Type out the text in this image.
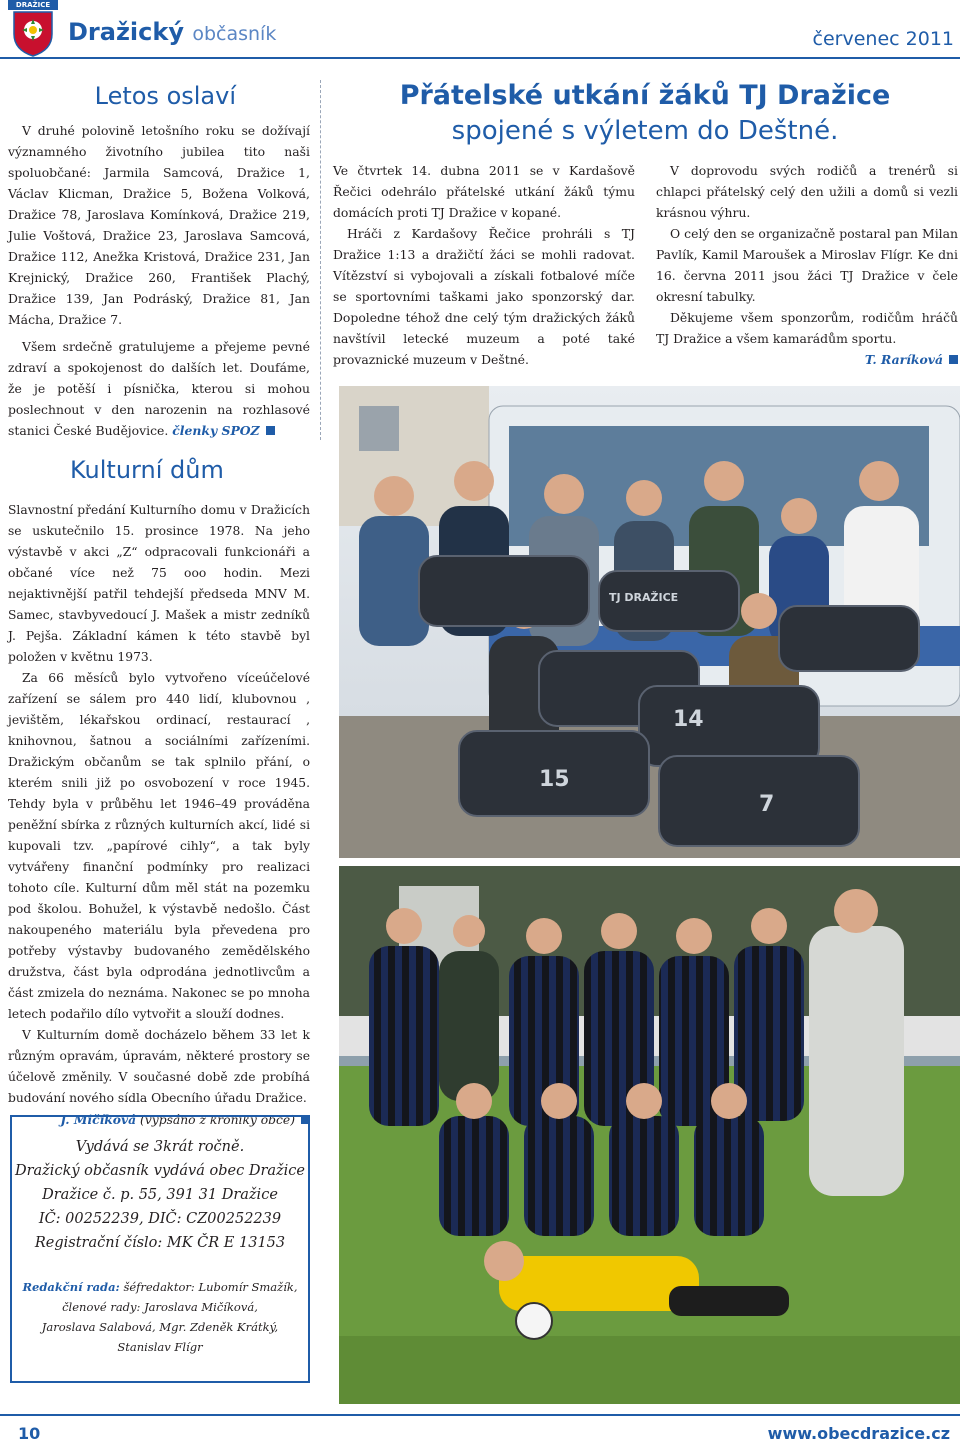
DRAŽICE
Dražický občasník	červenec 2011
Letos oslaví

V druhé polovině letošního roku se dožívají významného životního jubilea tito naši spoluobčané: Jarmila Samcová, Dražice 1, Václav Klicman, Dražice 5, Božena Volková, Dražice 78, Jaroslava Komínková, Dražice 219, Julie Voštová, Dražice 23, Jaroslava Samcová, Dražice 112, Anežka Kristová, Dražice 231, Jan Krejnický, Dražice 260, František Plachý, Dražice 139, Jan Podráský, Dražice 81, Jan Mácha, Dražice 7.

Všem srdečně gratulujeme a přejeme pevné zdraví a spokojenost do dalších let. Doufáme, že je potěší i písnička, kterou si mohou poslechnout v den narozenin na rozhlasové stanici České Budějovice. členky SPOZ

Kulturní dům

Slavnostní předání Kulturního domu v Dražicích se uskutečnilo 15. prosince 1978. Na jeho výstavbě v akci „Z“ odpracovali funkcionáři a občané více než 75 ooo hodin. Mezi nejaktivnější patřil tehdejší předseda MNV M. Samec, stavbyvedoucí J. Mašek a mistr zedníků J. Pejša. Základní kámen k této stavbě byl položen v květnu 1973.

Za 66 měsíců bylo vytvořeno víceúčelové zařízení se sálem pro 440 lidí, klubovnou , jevištěm, lékařskou ordinací, restaurací , knihovnou, šatnou a sociálními zařízeními. Dražickým občanům se tak splnilo přání, o kterém snili již po osvobození v roce 1945. Tehdy byla v průběhu let 1946–49 prováděna peněžní sbírka z různých kulturních akcí, lidé si kupovali tzv. „papírové cihly“, a tak byly vytvářeny finanční podmínky pro realizaci tohoto cíle. Kulturní dům měl stát na pozemku pod školou. Bohužel, k výstavbě nedošlo. Část nakoupeného materiálu byla převedena pro potřeby výstavby budovaného zemědělského družstva, část byla odprodána jednotlivcům a část zmizela do neznáma. Nakonec se po mnoha letech podařilo dílo vytvořit a slouží dodnes.

V Kulturním domě docházelo během 33 let k různým opravám, úpravám, některé prostory se účelově změnily. V současné době zde probíhá budování nového sídla Obecního úřadu Dražice.

J. Mičíková (vypsáno z kroniky obce)

Vydává se 3krát ročně.
Dražický občasník vydává obec Dražice
Dražice č. p. 55, 391 31 Dražice
IČ: 00252239, DIČ: CZ00252239
Registrační číslo: MK ČR E 13153
Redakční rada: šéfredaktor: Lubomír Smažík,
členové rady: Jaroslava Mičíková,
Jaroslava Salabová, Mgr. Zdeněk Krátký,
Stanislav Flígr
Přátelské utkání žáků TJ Dražice
spojené s výletem do Deštné.

Ve čtvrtek 14. dubna 2011 se v Kardašově Řečici odehrálo přátelské utkání žáků týmu domácích proti TJ Dražice v kopané.

Hráči z Kardašovy Řečice prohráli s TJ Dražice 1:13 a dražičtí žáci se mohli radovat. Vítězství si vybojovali a získali fotbalové míče se sportovními taškami jako sponzorský dar. Dopoledne téhož dne celý tým dražických žáků navštívil letecké muzeum a poté také provaznické muzeum v Deštné.

V doprovodu svých rodičů a trenérů si chlapci přátelský celý den užili a domů si vezli krásnou výhru.

O celý den se organizačně postaral pan Milan Pavlík, Kamil Maroušek a Miroslav Flígr. Ke dni 16. června 2011 jsou žáci TJ Dražice v čele okresní tabulky.

Děkujeme všem sponzorům, rodičům hráčů TJ Dražice a všem kamarádům sportu.

T. Raríková

14
15
7
TJ DRAŽICE
10	www.obecdrazice.cz
